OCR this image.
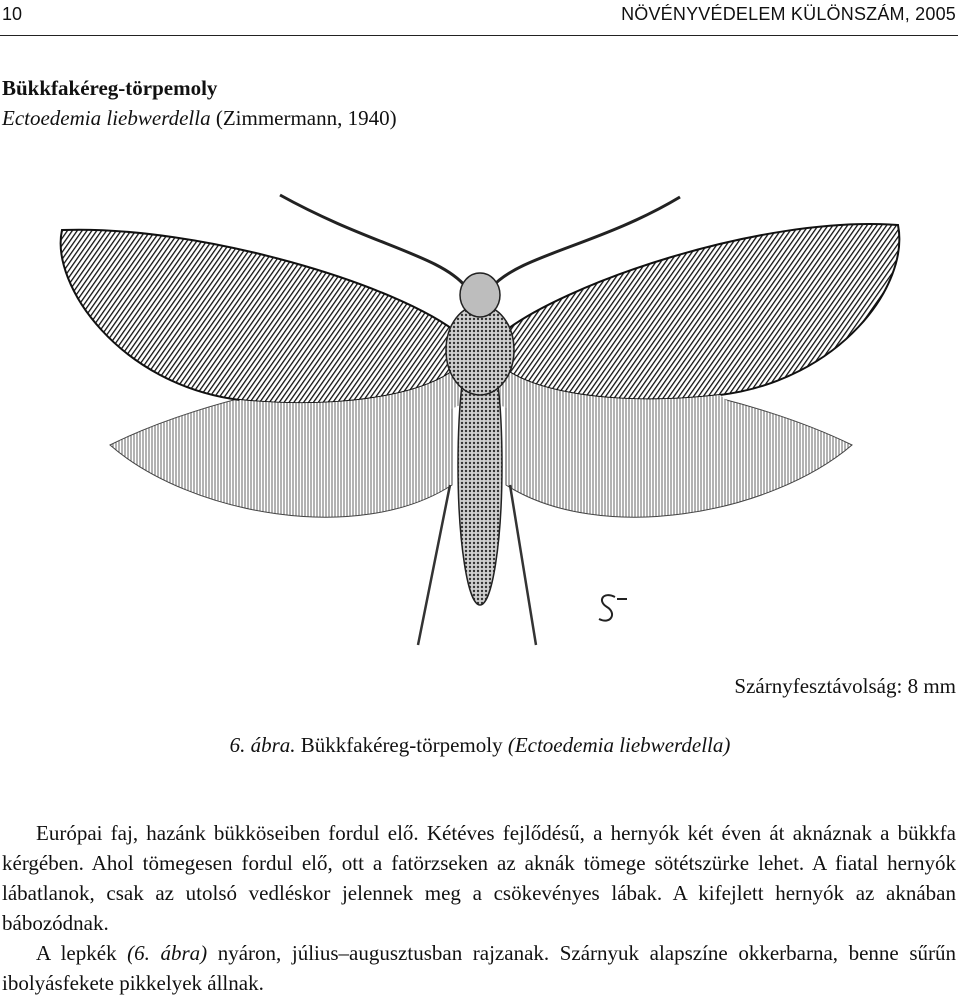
10	NÖVÉNYVÉDELEM KÜLÖNSZÁM, 2005
Bükkfakéreg-törpemoly
Ectoedemia liebwerdella (Zimmermann, 1940)
Szárnyfesztávolság: 8 mm
6. ábra. Bükkfakéreg-törpemoly (Ectoedemia liebwerdella)

Európai faj, hazánk bükköseiben fordul elő. Kétéves fejlődésű, a hernyók két éven át aknáznak a bükkfa kérgében. Ahol tömegesen fordul elő, ott a fatörzseken az aknák tömege sötétszürke lehet. A fiatal hernyók lábatlanok, csak az utolsó vedléskor jelennek meg a csökevényes lábak. A kifejlett hernyók az aknában bábozódnak.

A lepkék (6. ábra) nyáron, július–augusztusban rajzanak. Szárnyuk alapszíne okkerbarna, benne sűrűn ibolyásfekete pikkelyek állnak.
